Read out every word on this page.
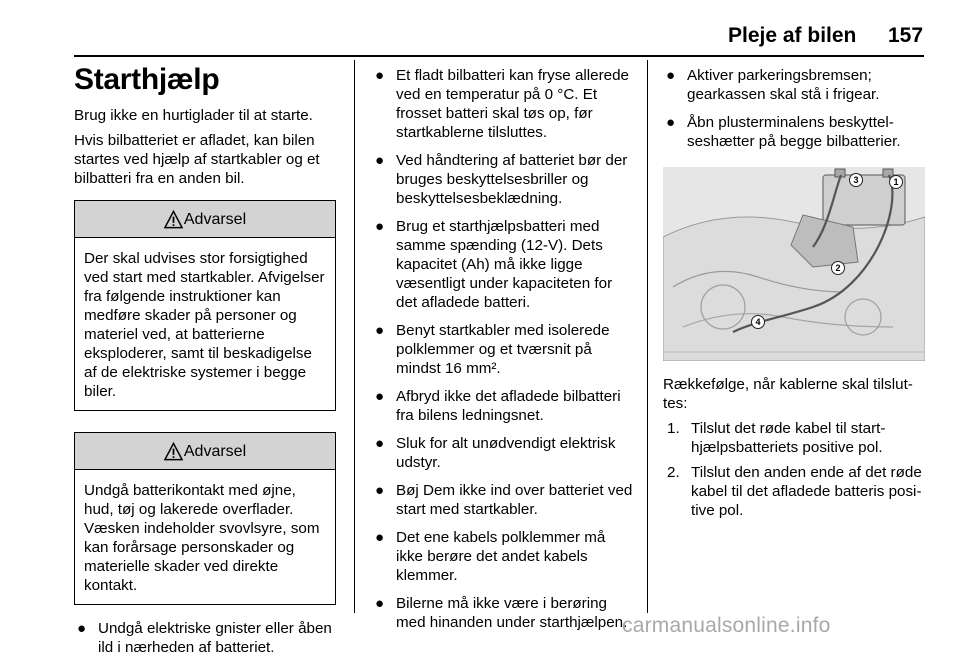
Pleje af bilen 157
Starthjælp

Brug ikke en hurtiglader til at starte.

Hvis bilbatteriet er afladet, kan bilen startes ved hjælp af startkabler og et bilbatteri fra en anden bil.

Advarsel
Der skal udvises stor forsigtighed ved start med startkabler. Afvigelser fra følgende instruktioner kan medføre skader på personer og materiel ved, at batterierne eksploderer, samt til beskadigelse af de elektriske systemer i begge biler.
Advarsel
Undgå batterikontakt med øjne, hud, tøj og lakerede overflader. Væsken indeholder svovlsyre, som kan forårsage personskader og materielle skader ved direkte kontakt.
● Undgå elektriske gnister eller åben ild i nærheden af batteriet.
● Et fladt bilbatteri kan fryse allerede ved en temperatur på 0 °C. Et frosset batteri skal tøs op, før startkablerne tilsluttes.
● Ved håndtering af batteriet bør der bruges beskyttelsesbriller og beskyttelsesbeklædning.
● Brug et starthjælpsbatteri med samme spænding (12-V). Dets kapacitet (Ah) må ikke ligge væsentligt under kapaciteten for det afladede batteri.
● Benyt startkabler med isolerede polklemmer og et tværsnit på mindst 16 mm².
● Afbryd ikke det afladede bilbatteri fra bilens ledningsnet.
● Sluk for alt unødvendigt elektrisk udstyr.
● Bøj Dem ikke ind over batteriet ved start med startkabler.
● Det ene kabels polklemmer må ikke berøre det andet kabels klemmer.
● Bilerne må ikke være i berøring med hinanden under starthjælpen.
● Aktiver parkeringsbremsen; gearkassen skal stå i frigear.
● Åbn plusterminalens beskyttelseshætter på begge bilbatterier.
1
2
3
4

Rækkefølge, når kablerne skal tilsluttes:

1. Tilslut det røde kabel til starthjælpsbatteriets positive pol.
2. Tilslut den anden ende af det røde kabel til det afladede batteris positive pol.
carmanualsonline.info
